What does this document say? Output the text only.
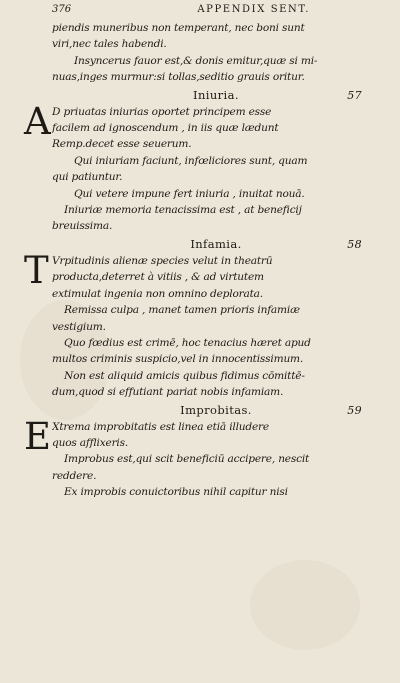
376	APPENDIX SENT.
piendis muneribus non temperant, nec boni sunt
viri,nec tales habendi.
Insyncerus fauor est,& donis emitur,quæ si mi-
nuas,inges murmur:si tollas,seditio grauis oritur.
Iniuria.	57
A D priuatas iniurias oportet principem esse
facilem ad ignoscendum , in iis quæ lædunt
Remp.decet esse seuerum.
Qui iniuriam faciunt, infœliciores sunt, quam
qui patiuntur.
Qui vetere impune fert iniuria , inuitat nouā.
Iniuriæ memoria tenacissima est , at beneficij
breuissima.
Infamia.	58
T Vrpitudinis alienæ species velut in theatrū
producta,deterret à vitiis , & ad virtutem
extimulat ingenia non omnino deplorata.
Remissa culpa , manet tamen prioris infamiæ
vestigium.
Quo fœdius est crimē, hoc tenacius hæret apud
multos criminis suspicio,vel in innocentissimum.
Non est aliquid amicis quibus fidimus cōmittē-
dum,quod si effutiant pariat nobis infamiam.
Improbitas.	59
E Xtrema improbitatis est linea etiā illudere
quos afflixeris.
Improbus est,qui scit beneficiū accipere, nescit
reddere.
Ex improbis conuictoribus nihil capitur nisi
